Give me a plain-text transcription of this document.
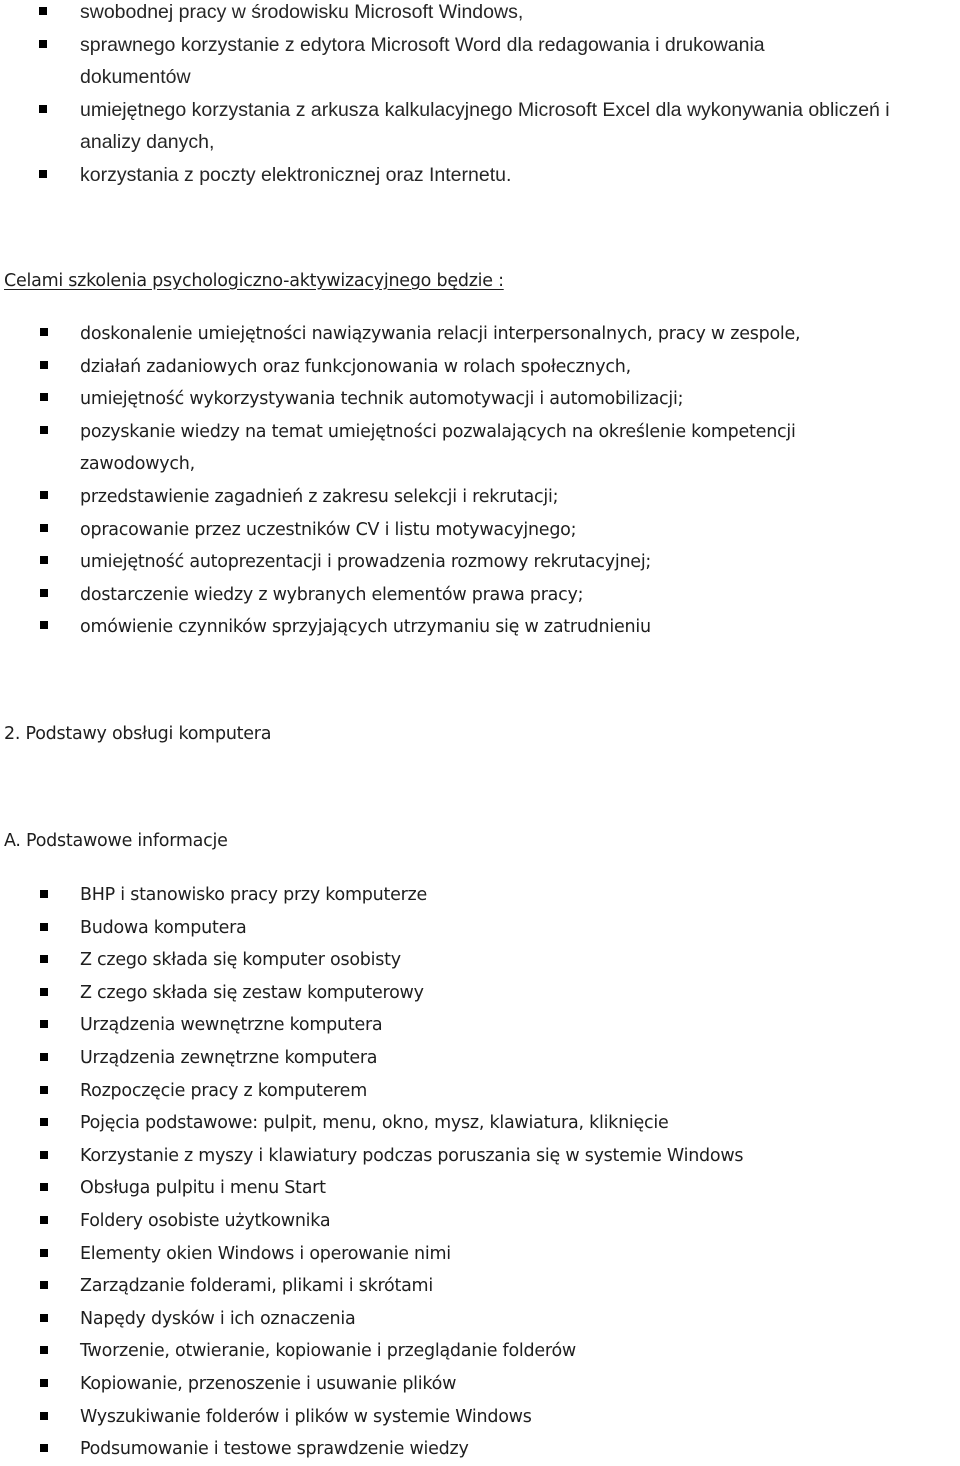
swobodnej pracy w środowisku Microsoft Windows,
sprawnego korzystanie z edytora Microsoft Word dla redagowania i drukowania
dokumentów
umiejętnego korzystania z arkusza kalkulacyjnego Microsoft Excel dla wykonywania obliczeń i
analizy danych,
korzystania z poczty elektronicznej oraz Internetu.
Celami szkolenia psychologiczno-aktywizacyjnego będzie :
doskonalenie umiejętności nawiązywania relacji interpersonalnych, pracy w zespole,
działań zadaniowych oraz funkcjonowania w rolach społecznych,
umiejętność wykorzystywania technik automotywacji i automobilizacji;
pozyskanie wiedzy na temat umiejętności pozwalających na określenie kompetencji
zawodowych,
przedstawienie zagadnień z zakresu selekcji i rekrutacji;
opracowanie przez uczestników CV i listu motywacyjnego;
umiejętność autoprezentacji i prowadzenia rozmowy rekrutacyjnej;
dostarczenie wiedzy z wybranych elementów prawa pracy;
omówienie czynników sprzyjających utrzymaniu się w zatrudnieniu
2. Podstawy obsługi komputera
A. Podstawowe informacje
BHP i stanowisko pracy przy komputerze
Budowa komputera
Z czego składa się komputer osobisty
Z czego składa się zestaw komputerowy
Urządzenia wewnętrzne komputera
Urządzenia zewnętrzne komputera
Rozpoczęcie pracy z komputerem
Pojęcia podstawowe: pulpit, menu, okno, mysz, klawiatura, kliknięcie
Korzystanie z myszy i klawiatury podczas poruszania się w systemie Windows
Obsługa pulpitu i menu Start
Foldery osobiste użytkownika
Elementy okien Windows i operowanie nimi
Zarządzanie folderami, plikami i skrótami
Napędy dysków i ich oznaczenia
Tworzenie, otwieranie, kopiowanie i przeglądanie folderów
Kopiowanie, przenoszenie i usuwanie plików
Wyszukiwanie folderów i plików w systemie Windows
Podsumowanie i testowe sprawdzenie wiedzy
